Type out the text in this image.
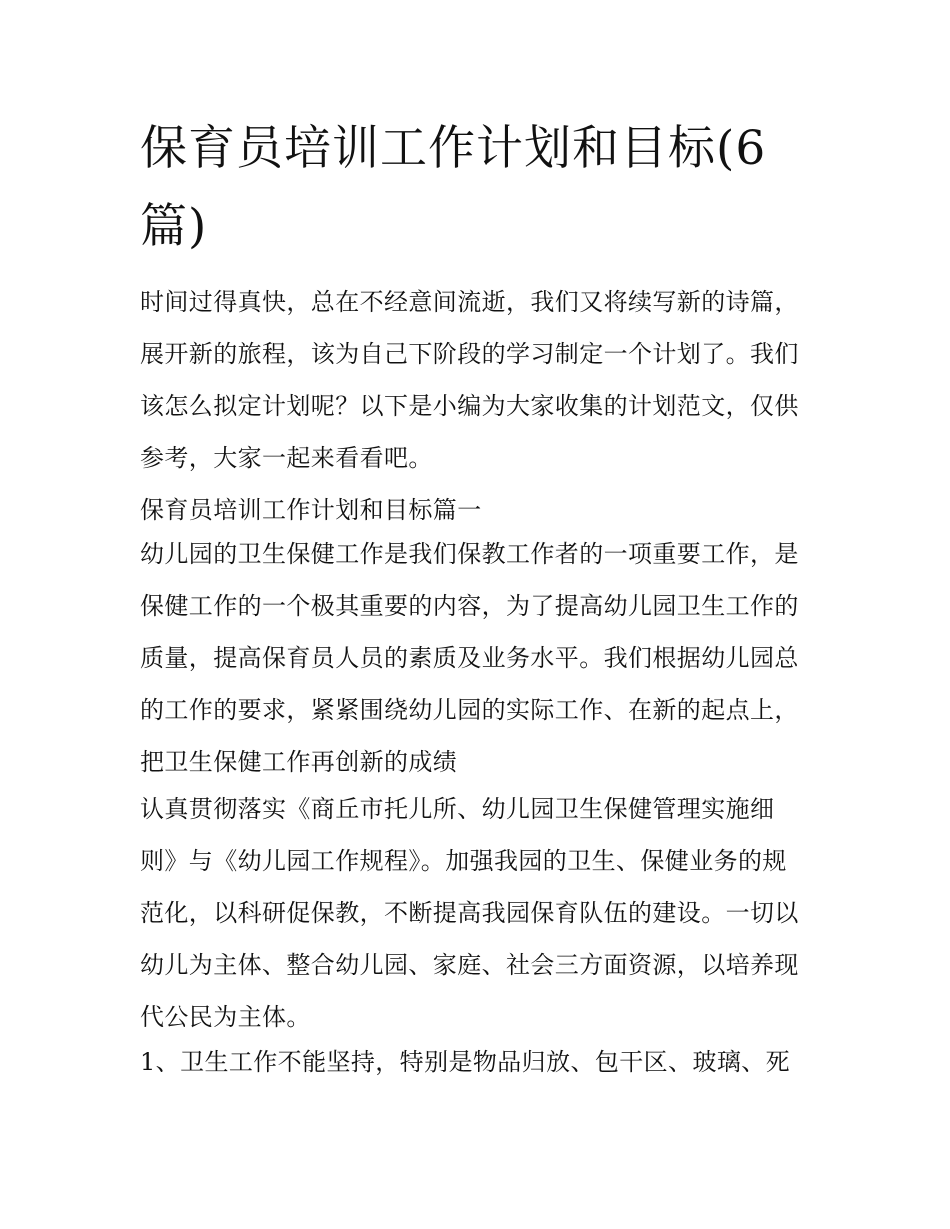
保育员培训工作计划和目标(6
篇)

时间过得真快，总在不经意间流逝，我们又将续写新的诗篇，
展开新的旅程，该为自己下阶段的学习制定一个计划了。我们
该怎么拟定计划呢？以下是小编为大家收集的计划范文，仅供
参考，大家一起来看看吧。

保育员培训工作计划和目标篇一

幼儿园的卫生保健工作是我们保教工作者的一项重要工作，是
保健工作的一个极其重要的内容，为了提高幼儿园卫生工作的
质量，提高保育员人员的素质及业务水平。我们根据幼儿园总
的工作的要求，紧紧围绕幼儿园的实际工作、在新的起点上，
把卫生保健工作再创新的成绩

认真贯彻落实《商丘市托儿所、幼儿园卫生保健管理实施细
则》与《幼儿园工作规程》。加强我园的卫生、保健业务的规
范化，以科研促保教，不断提高我园保育队伍的建设。一切以
幼儿为主体、整合幼儿园、家庭、社会三方面资源，以培养现
代公民为主体。

1、卫生工作不能坚持，特别是物品归放、包干区、玻璃、死
